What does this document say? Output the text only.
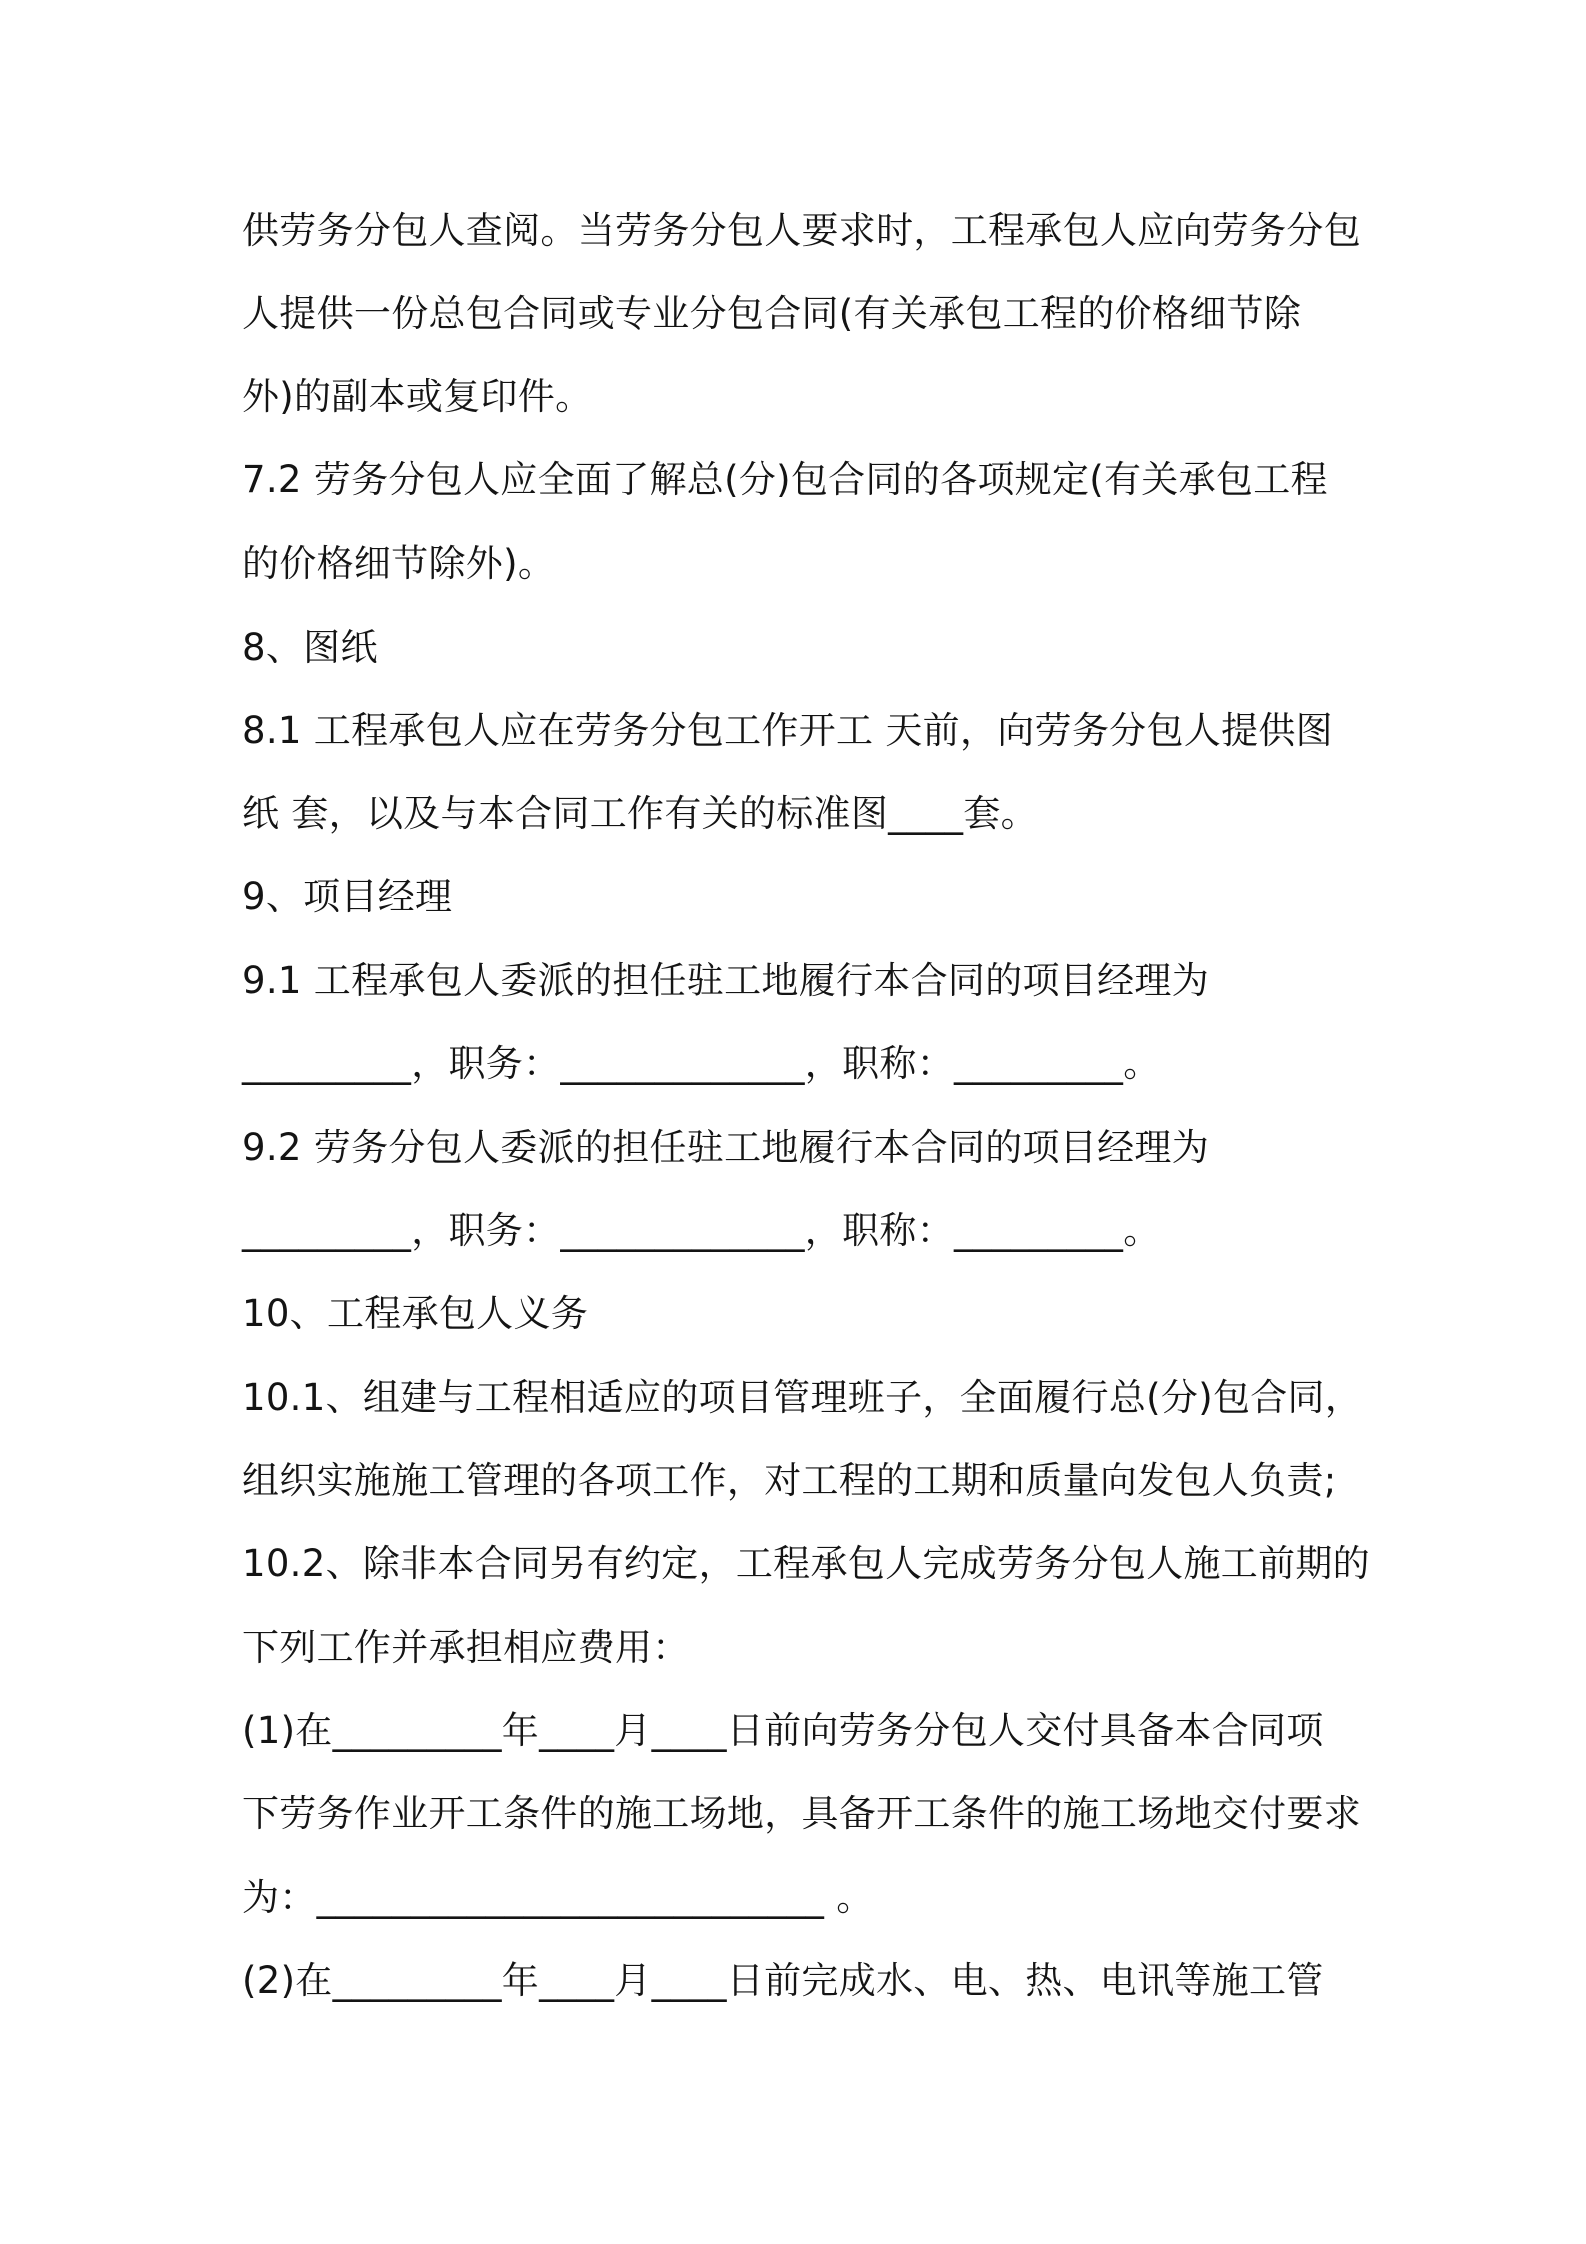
供劳务分包人查阅。当劳务分包人要求时，工程承包人应向劳务分包
人提供一份总包合同或专业分包合同(有关承包工程的价格细节除
外)的副本或复印件。
7.2 劳务分包人应全面了解总(分)包合同的各项规定(有关承包工程
的价格细节除外)。
8、图纸
8.1 工程承包人应在劳务分包工作开工 天前，向劳务分包人提供图
纸 套，以及与本合同工作有关的标准图____套。
9、项目经理
9.1 工程承包人委派的担任驻工地履行本合同的项目经理为
_________，职务：_____________，职称：_________。
9.2 劳务分包人委派的担任驻工地履行本合同的项目经理为
_________，职务：_____________，职称：_________。
10、工程承包人义务
10.1、组建与工程相适应的项目管理班子，全面履行总(分)包合同，
组织实施施工管理的各项工作，对工程的工期和质量向发包人负责;
10.2、除非本合同另有约定，工程承包人完成劳务分包人施工前期的
下列工作并承担相应费用：
(1)在_________年____月____日前向劳务分包人交付具备本合同项
下劳务作业开工条件的施工场地，具备开工条件的施工场地交付要求
为：___________________________ 。
(2)在_________年____月____日前完成水、电、热、电讯等施工管
